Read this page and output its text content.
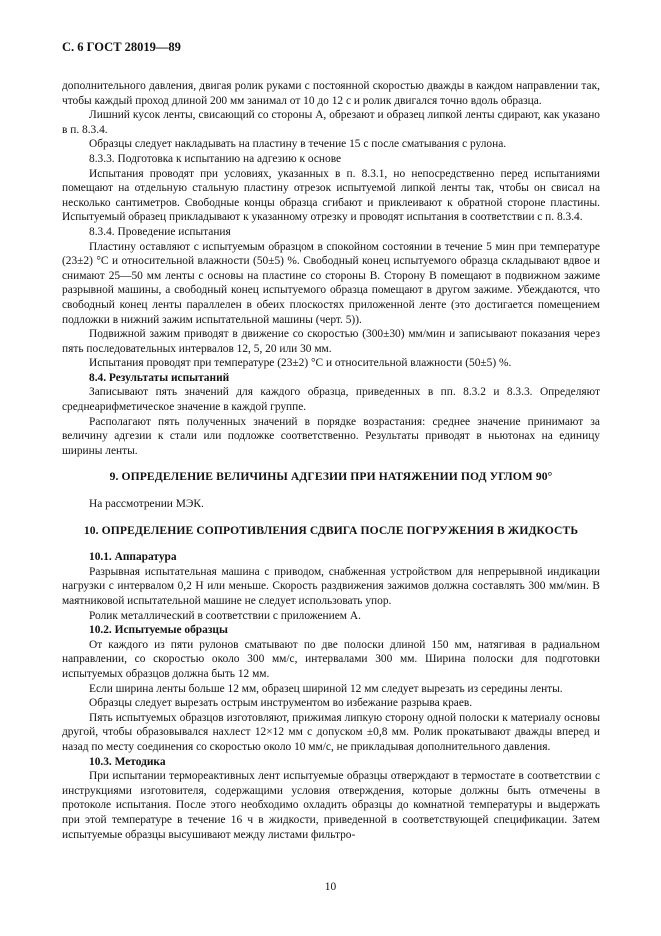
С. 6 ГОСТ 28019—89

дополнительного давления, двигая ролик руками с постоянной скоростью дважды в каждом направлении так, чтобы каждый проход длиной 200 мм занимал от 10 до 12 с и ролик двигался точно вдоль образца.

Лишний кусок ленты, свисающий со стороны А, обрезают и образец липкой ленты сдирают, как указано в п. 8.3.4.

Образцы следует накладывать на пластину в течение 15 с после сматывания с рулона.

8.3.3. Подготовка к испытанию на адгезию к основе

Испытания проводят при условиях, указанных в п. 8.3.1, но непосредственно перед испытаниями помещают на отдельную стальную пластину отрезок испытуемой липкой ленты так, чтобы он свисал на несколько сантиметров. Свободные концы образца сгибают и приклеивают к обратной стороне пластины. Испытуемый образец прикладывают к указанному отрезку и проводят испытания в соответствии с п. 8.3.4.

8.3.4. Проведение испытания

Пластину оставляют с испытуемым образцом в спокойном состоянии в течение 5 мин при температуре (23±2) °С и относительной влажности (50±5) %. Свободный конец испытуемого образца складывают вдвое и снимают 25—50 мм ленты с основы на пластине со стороны В. Сторону В помещают в подвижном зажиме разрывной машины, а свободный конец испытуемого образца помещают в другом зажиме. Убеждаются, что свободный конец ленты параллелен в обеих плоскостях приложенной ленте (это достигается помещением подложки в нижний зажим испытательной машины (черт. 5)).

Подвижной зажим приводят в движение со скоростью (300±30) мм/мин и записывают показания через пять последовательных интервалов 12, 5, 20 или 30 мм.

Испытания проводят при температуре (23±2) °С и относительной влажности (50±5) %.

8.4. Результаты испытаний

Записывают пять значений для каждого образца, приведенных в пп. 8.3.2 и 8.3.3. Определяют среднеарифметическое значение в каждой группе.

Располагают пять полученных значений в порядке возрастания: среднее значение принимают за величину адгезии к стали или подложке соответственно. Результаты приводят в ньютонах на единицу ширины ленты.

9. ОПРЕДЕЛЕНИЕ ВЕЛИЧИНЫ АДГЕЗИИ ПРИ НАТЯЖЕНИИ ПОД УГЛОМ 90°

На рассмотрении МЭК.

10. ОПРЕДЕЛЕНИЕ СОПРОТИВЛЕНИЯ СДВИГА ПОСЛЕ ПОГРУЖЕНИЯ В ЖИДКОСТЬ

10.1. Аппаратура

Разрывная испытательная машина с приводом, снабженная устройством для непрерывной индикации нагрузки с интервалом 0,2 Н или меньше. Скорость раздвижения зажимов должна составлять 300 мм/мин. В маятниковой испытательной машине не следует использовать упор.

Ролик металлический в соответствии с приложением А.

10.2. Испытуемые образцы

От каждого из пяти рулонов сматывают по две полоски длиной 150 мм, натягивая в радиальном направлении, со скоростью около 300 мм/с, интервалами 300 мм. Ширина полоски для подготовки испытуемых образцов должна быть 12 мм.

Если ширина ленты больше 12 мм, образец шириной 12 мм следует вырезать из середины ленты.

Образцы следует вырезать острым инструментом во избежание разрыва краев.

Пять испытуемых образцов изготовляют, прижимая липкую сторону одной полоски к материалу основы другой, чтобы образовывался нахлест 12×12 мм с допуском ±0,8 мм. Ролик прокатывают дважды вперед и назад по месту соединения со скоростью около 10 мм/с, не прикладывая дополнительного давления.

10.3. Методика

При испытании термореактивных лент испытуемые образцы отверждают в термостате в соответствии с инструкциями изготовителя, содержащими условия отверждения, которые должны быть отмечены в протоколе испытания. После этого необходимо охладить образцы до комнатной температуры и выдержать при этой температуре в течение 16 ч в жидкости, приведенной в соответствующей спецификации. Затем испытуемые образцы высушивают между листами фильтро-

10
